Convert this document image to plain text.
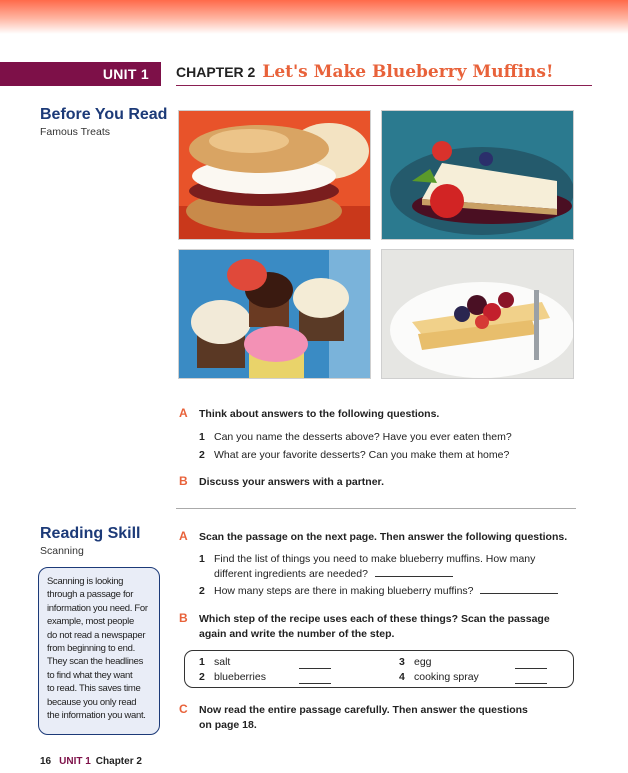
UNIT 1 CHAPTER 2 Let's Make Blueberry Muffins!
Before You Read
Famous Treats
A Think about answers to the following questions.
1 Can you name the desserts above? Have you ever eaten them?
2 What are your favorite desserts? Can you make them at home?
B Discuss your answers with a partner.
Reading Skill
Scanning
Scanning is looking
through a passage for
information you need. For
example, most people
do not read a newspaper
from beginning to end.
They scan the headlines
to find what they want
to read. This saves time
because you only read
the information you want.
A Scan the passage on the next page. Then answer the following questions.
1 Find the list of things you need to make blueberry muffins. How many
different ingredients are needed?
2 How many steps are there in making blueberry muffins?
B Which step of the recipe uses each of these things? Scan the passage
again and write the number of the step.
1 salt
2 blueberries
3 egg
4 cooking spray
C Now read the entire passage carefully. Then answer the questions
on page 18.
16 UNIT 1 Chapter 2
